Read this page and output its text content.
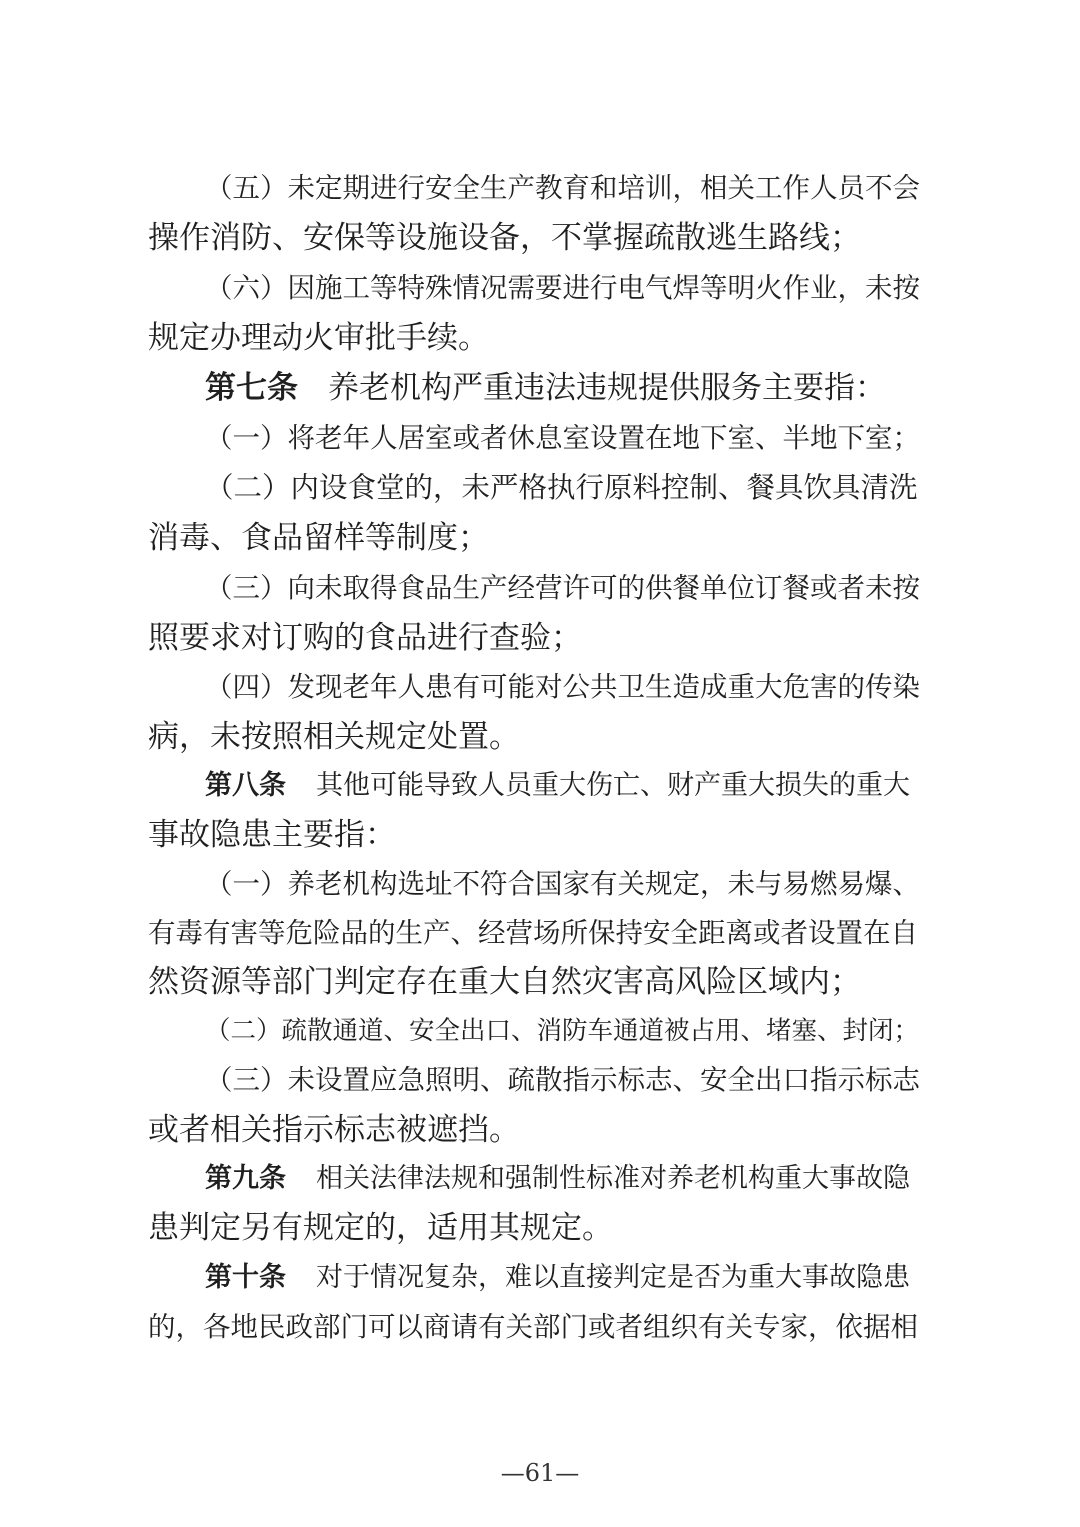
（五）未定期进行安全生产教育和培训，相关工作人员不会
操作消防、安保等设施设备，不掌握疏散逃生路线；
（六）因施工等特殊情况需要进行电气焊等明火作业，未按
规定办理动火审批手续。
第七条 养老机构严重违法违规提供服务主要指：
（一）将老年人居室或者休息室设置在地下室、半地下室；
（二）内设食堂的，未严格执行原料控制、餐具饮具清洗
消毒、食品留样等制度；
（三）向未取得食品生产经营许可的供餐单位订餐或者未按
照要求对订购的食品进行查验；
（四）发现老年人患有可能对公共卫生造成重大危害的传染
病，未按照相关规定处置。
第八条 其他可能导致人员重大伤亡、财产重大损失的重大
事故隐患主要指：
（一）养老机构选址不符合国家有关规定，未与易燃易爆、
有毒有害等危险品的生产、经营场所保持安全距离或者设置在自
然资源等部门判定存在重大自然灾害高风险区域内；
（二）疏散通道、安全出口、消防车通道被占用、堵塞、封闭；
（三）未设置应急照明、疏散指示标志、安全出口指示标志
或者相关指示标志被遮挡。
第九条 相关法律法规和强制性标准对养老机构重大事故隐
患判定另有规定的，适用其规定。
第十条 对于情况复杂，难以直接判定是否为重大事故隐患
的，各地民政部门可以商请有关部门或者组织有关专家，依据相
—61—
